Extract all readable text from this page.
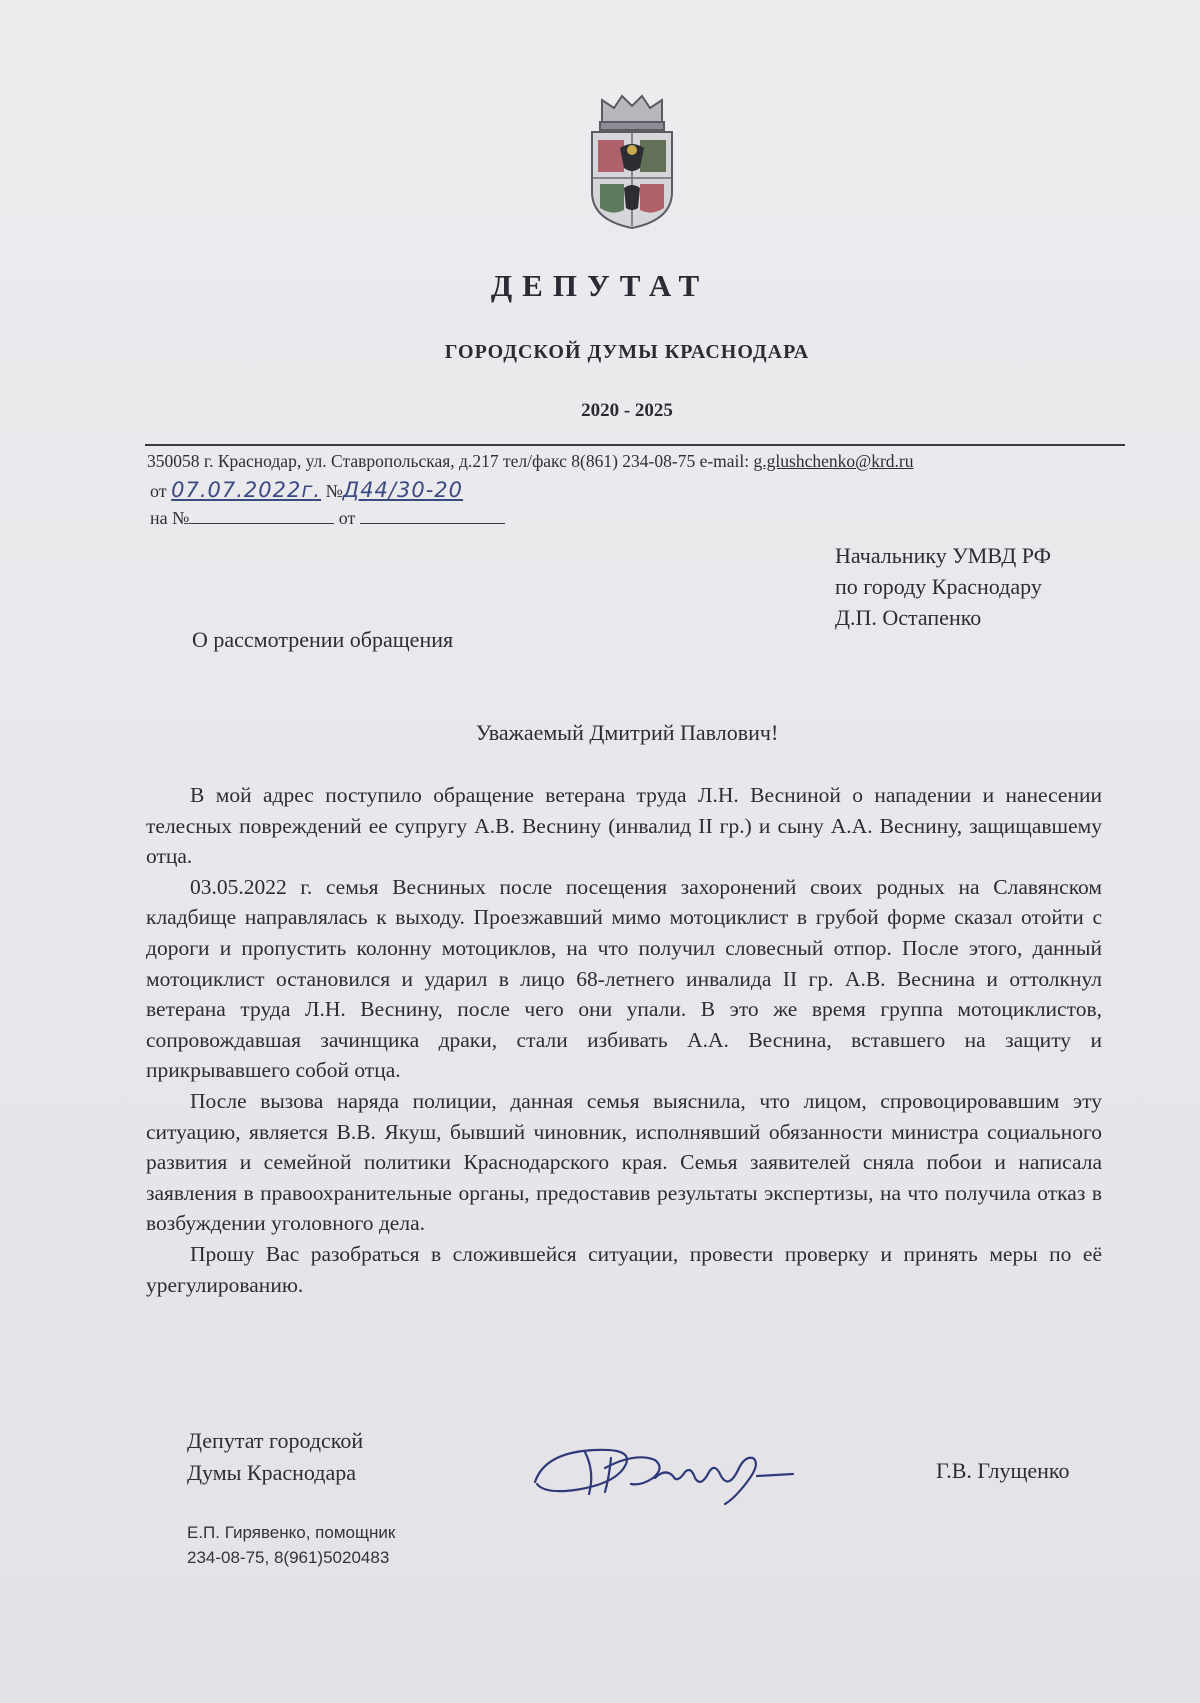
ДЕПУТАТ
ГОРОДСКОЙ ДУМЫ КРАСНОДАРА
2020 - 2025
350058 г. Краснодар, ул. Ставропольская, д.217 тел/факс 8(861) 234-08-75 e-mail: g.glushchenko@krd.ru
от 07.07.2022г. №Д44/30-20
на №	от
Начальнику УМВД РФ
по городу Краснодару
Д.П. Остапенко
О рассмотрении обращения
Уважаемый Дмитрий Павлович!

В мой адрес поступило обращение ветерана труда Л.Н. Весниной о нападении и нанесении телесных повреждений ее супругу А.В. Веснину (инвалид II гр.) и сыну А.А. Веснину, защищавшему отца.

03.05.2022 г. семья Весниных после посещения захоронений своих родных на Славянском кладбище направлялась к выходу. Проезжавший мимо мотоциклист в грубой форме сказал отойти с дороги и пропустить колонну мотоциклов, на что получил словесный отпор. После этого, данный мотоциклист остановился и ударил в лицо 68-летнего инвалида II гр. А.В. Веснина и оттолкнул ветерана труда Л.Н. Веснину, после чего они упали. В это же время группа мотоциклистов, сопровождавшая зачинщика драки, стали избивать А.А. Веснина, вставшего на защиту и прикрывавшего собой отца.

После вызова наряда полиции, данная семья выяснила, что лицом, спровоцировавшим эту ситуацию, является В.В. Якуш, бывший чиновник, исполнявший обязанности министра социального развития и семейной политики Краснодарского края. Семья заявителей сняла побои и написала заявления в правоохранительные органы, предоставив результаты экспертизы, на что получила отказ в возбуждении уголовного дела.

Прошу Вас разобраться в сложившейся ситуации, провести проверку и принять меры по её урегулированию.

Депутат городской
Думы Краснодара	Г.В. Глущенко
Е.П. Гирявенко, помощник
234-08-75, 8(961)5020483
